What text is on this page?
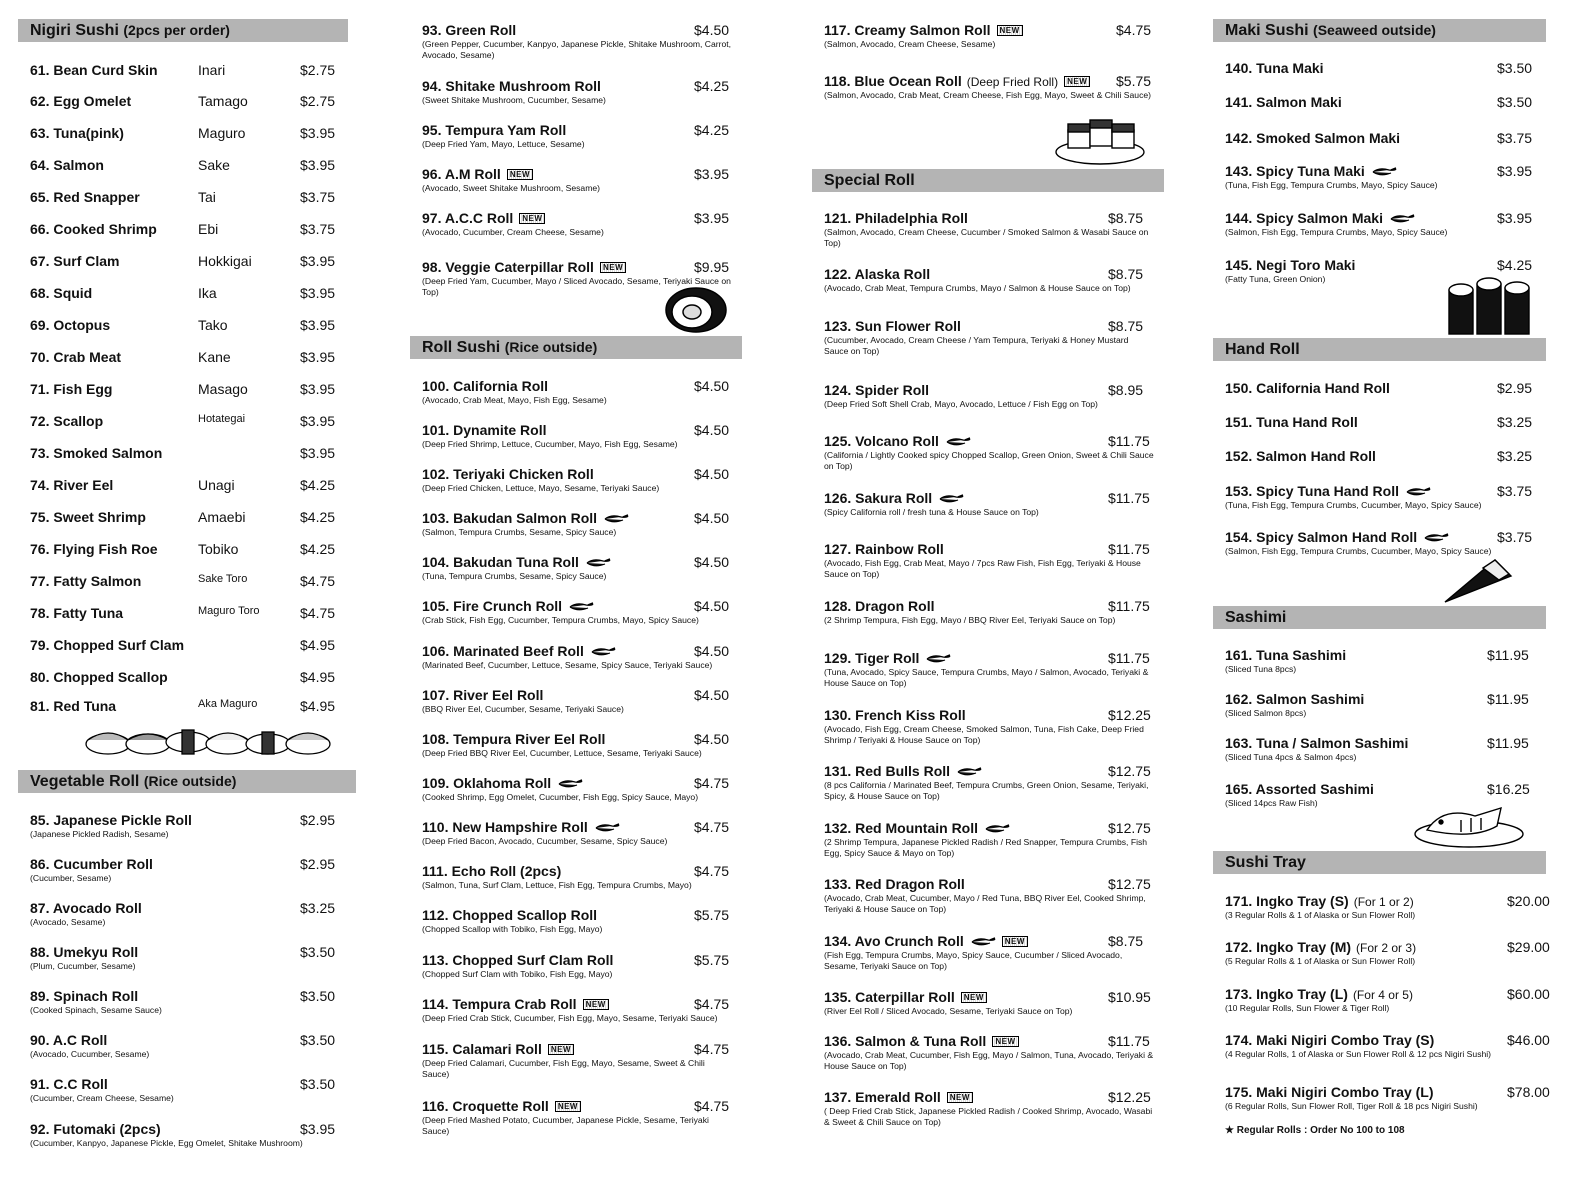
Nigiri Sushi (2pcs per order)
61. Bean Curd Skin	Inari	$2.75
62. Egg Omelet	Tamago	$2.75
63. Tuna(pink)	Maguro	$3.95
64. Salmon	Sake	$3.95
65. Red Snapper	Tai	$3.75
66. Cooked Shrimp	Ebi	$3.75
67. Surf Clam	Hokkigai	$3.95
68. Squid	Ika	$3.95
69. Octopus	Tako	$3.95
70. Crab Meat	Kane	$3.95
71. Fish Egg	Masago	$3.95
72. Scallop	Hotategai	$3.95
73. Smoked Salmon	$3.95
74. River Eel	Unagi	$4.25
75. Sweet Shrimp	Amaebi	$4.25
76. Flying Fish Roe	Tobiko	$4.25
77. Fatty Salmon	Sake Toro	$4.75
78. Fatty Tuna	Maguro Toro	$4.75
79. Chopped Surf Clam	$4.95
80. Chopped Scallop	$4.95
81. Red Tuna	Aka Maguro	$4.95
Vegetable Roll (Rice outside)
85. Japanese Pickle Roll	$2.95
(Japanese Pickled Radish, Sesame)
86. Cucumber Roll	$2.95
(Cucumber, Sesame)
87. Avocado Roll	$3.25
(Avocado, Sesame)
88. Umekyu Roll	$3.50
(Plum, Cucumber, Sesame)
89. Spinach Roll	$3.50
(Cooked Spinach, Sesame Sauce)
90. A.C Roll	$3.50
(Avocado, Cucumber, Sesame)
91. C.C Roll	$3.50
(Cucumber, Cream Cheese, Sesame)
92. Futomaki (2pcs)	$3.95
(Cucumber, Kanpyo, Japanese Pickle, Egg Omelet, Shitake Mushroom)
93. Green Roll	$4.50
(Green Pepper, Cucumber, Kanpyo, Japanese Pickle, Shitake Mushroom, Carrot, Avocado, Sesame)
94. Shitake Mushroom Roll	$4.25
(Sweet Shitake Mushroom, Cucumber, Sesame)
95. Tempura Yam Roll	$4.25
(Deep Fried Yam, Mayo, Lettuce, Sesame)
96. A.M Roll NEW	$3.95
(Avocado, Sweet Shitake Mushroom, Sesame)
97. A.C.C Roll NEW	$3.95
(Avocado, Cucumber, Cream Cheese, Sesame)
98. Veggie Caterpillar Roll NEW	$9.95
(Deep Fried Yam, Cucumber, Mayo / Sliced Avocado, Sesame, Teriyaki Sauce on Top)
Roll Sushi (Rice outside)
100. California Roll	$4.50
(Avocado, Crab Meat, Mayo, Fish Egg, Sesame)
101. Dynamite Roll	$4.50
(Deep Fried Shrimp, Lettuce, Cucumber, Mayo, Fish Egg, Sesame)
102. Teriyaki Chicken Roll	$4.50
(Deep Fried Chicken, Lettuce, Mayo, Sesame, Teriyaki Sauce)
103. Bakudan Salmon Roll	$4.50
(Salmon, Tempura Crumbs, Sesame, Spicy Sauce)
104. Bakudan Tuna Roll	$4.50
(Tuna, Tempura Crumbs, Sesame, Spicy Sauce)
105. Fire Crunch Roll	$4.50
(Crab Stick, Fish Egg, Cucumber, Tempura Crumbs, Mayo, Spicy Sauce)
106. Marinated Beef Roll	$4.50
(Marinated Beef, Cucumber, Lettuce, Sesame, Spicy Sauce, Teriyaki Sauce)
107. River Eel Roll	$4.50
(BBQ River Eel, Cucumber, Sesame, Teriyaki Sauce)
108. Tempura River Eel Roll	$4.50
(Deep Fried BBQ River Eel, Cucumber, Lettuce, Sesame, Teriyaki Sauce)
109. Oklahoma Roll	$4.75
(Cooked Shrimp, Egg Omelet, Cucumber, Fish Egg, Spicy Sauce, Mayo)
110. New Hampshire Roll	$4.75
(Deep Fried Bacon, Avocado, Cucumber, Sesame, Spicy Sauce)
111. Echo Roll (2pcs)	$4.75
(Salmon, Tuna, Surf Clam, Lettuce, Fish Egg, Tempura Crumbs, Mayo)
112. Chopped Scallop Roll	$5.75
(Chopped Scallop with Tobiko, Fish Egg, Mayo)
113. Chopped Surf Clam Roll	$5.75
(Chopped Surf Clam with Tobiko, Fish Egg, Mayo)
114. Tempura Crab Roll NEW	$4.75
(Deep Fried Crab Stick, Cucumber, Fish Egg, Mayo, Sesame, Teriyaki Sauce)
115. Calamari Roll NEW	$4.75
(Deep Fried Calamari, Cucumber, Fish Egg, Mayo, Sesame, Sweet & Chili Sauce)
116. Croquette Roll NEW	$4.75
(Deep Fried Mashed Potato, Cucumber, Japanese Pickle, Sesame, Teriyaki Sauce)
117. Creamy Salmon Roll NEW	$4.75
(Salmon, Avocado, Cream Cheese, Sesame)
118. Blue Ocean Roll (Deep Fried Roll) NEW $5.75
(Salmon, Avocado, Crab Meat, Cream Cheese, Fish Egg, Mayo, Sweet & Chili Sauce)
Special Roll
121. Philadelphia Roll	$8.75
(Salmon, Avocado, Cream Cheese, Cucumber / Smoked Salmon & Wasabi Sauce on Top)
122. Alaska Roll	$8.75
(Avocado, Crab Meat, Tempura Crumbs, Mayo / Salmon & House Sauce on Top)
123. Sun Flower Roll	$8.75
(Cucumber, Avocado, Cream Cheese / Yam Tempura, Teriyaki & Honey Mustard Sauce on Top)
124. Spider Roll	$8.95
(Deep Fried Soft Shell Crab, Mayo, Avocado, Lettuce / Fish Egg on Top)
125. Volcano Roll	$11.75
(California / Lightly Cooked spicy Chopped Scallop, Green Onion, Sweet & Chili Sauce on Top)
126. Sakura Roll	$11.75
(Spicy California roll / fresh tuna & House Sauce on Top)
127. Rainbow Roll	$11.75
(Avocado, Fish Egg, Crab Meat, Mayo / 7pcs Raw Fish, Fish Egg, Teriyaki & House Sauce on Top)
128. Dragon Roll	$11.75
(2 Shrimp Tempura, Fish Egg, Mayo / BBQ River Eel, Teriyaki Sauce on Top)
129. Tiger Roll	$11.75
(Tuna, Avocado, Spicy Sauce, Tempura Crumbs, Mayo / Salmon, Avocado, Teriyaki & House Sauce on Top)
130. French Kiss Roll	$12.25
(Avocado, Fish Egg, Cream Cheese, Smoked Salmon, Tuna, Fish Cake, Deep Fried Shrimp / Teriyaki & House Sauce on Top)
131. Red Bulls Roll	$12.75
(8 pcs California / Marinated Beef, Tempura Crumbs, Green Onion, Sesame, Teriyaki, Spicy, & House Sauce on Top)
132. Red Mountain Roll	$12.75
(2 Shrimp Tempura, Japanese Pickled Radish / Red Snapper, Tempura Crumbs, Fish Egg, Spicy Sauce & Mayo on Top)
133. Red Dragon Roll	$12.75
(Avocado, Crab Meat, Cucumber, Mayo / Red Tuna, BBQ River Eel, Cooked Shrimp, Teriyaki & House Sauce on Top)
134. Avo Crunch Roll	NEW	$8.75
(Fish Egg, Tempura Crumbs, Mayo, Spicy Sauce, Cucumber / Sliced Avocado, Sesame, Teriyaki Sauce on Top)
135. Caterpillar Roll NEW	$10.95
(River Eel Roll / Sliced Avocado, Sesame, Teriyaki Sauce on Top)
136. Salmon & Tuna Roll NEW	$11.75
(Avocado, Crab Meat, Cucumber, Fish Egg, Mayo / Salmon, Tuna, Avocado, Teriyaki & House Sauce on Top)
137. Emerald Roll NEW	$12.25
( Deep Fried Crab Stick, Japanese Pickled Radish / Cooked Shrimp, Avocado, Wasabi & Sweet & Chili Sauce on Top)
Maki Sushi (Seaweed outside)
140. Tuna Maki	$3.50
141. Salmon Maki	$3.50
142. Smoked Salmon Maki	$3.75
143. Spicy Tuna Maki	$3.95
(Tuna, Fish Egg, Tempura Crumbs, Mayo, Spicy Sauce)
144. Spicy Salmon Maki	$3.95
(Salmon, Fish Egg, Tempura Crumbs, Mayo, Spicy Sauce)
145. Negi Toro Maki	$4.25
(Fatty Tuna, Green Onion)
Hand Roll
150. California Hand Roll	$2.95
151. Tuna Hand Roll	$3.25
152. Salmon Hand Roll	$3.25
153. Spicy Tuna Hand Roll	$3.75
(Tuna, Fish Egg, Tempura Crumbs, Cucumber, Mayo, Spicy Sauce)
154. Spicy Salmon Hand Roll	$3.75
(Salmon, Fish Egg, Tempura Crumbs, Cucumber, Mayo, Spicy Sauce)
Sashimi
161. Tuna Sashimi	$11.95
(Sliced Tuna 8pcs)
162. Salmon Sashimi	$11.95
(Sliced Salmon 8pcs)
163. Tuna / Salmon Sashimi	$11.95
(Sliced Tuna 4pcs & Salmon 4pcs)
165. Assorted Sashimi	$16.25
(Sliced 14pcs Raw Fish)
Sushi Tray
171. Ingko Tray (S) (For 1 or 2)	$20.00
(3 Regular Rolls & 1 of Alaska or Sun Flower Roll)
172. Ingko Tray (M) (For 2 or 3)	$29.00
(5 Regular Rolls & 1 of Alaska or Sun Flower Roll)
173. Ingko Tray (L) (For 4 or 5)	$60.00
(10 Regular Rolls, Sun Flower & Tiger Roll)
174. Maki Nigiri Combo Tray (S)	$46.00
(4 Regular Rolls, 1 of Alaska or Sun Flower Roll & 12 pcs Nigiri Sushi)
175. Maki Nigiri Combo Tray (L)	$78.00
(6 Regular Rolls, Sun Flower Roll, Tiger Roll & 18 pcs Nigiri Sushi)
★ Regular Rolls : Order No 100 to 108
